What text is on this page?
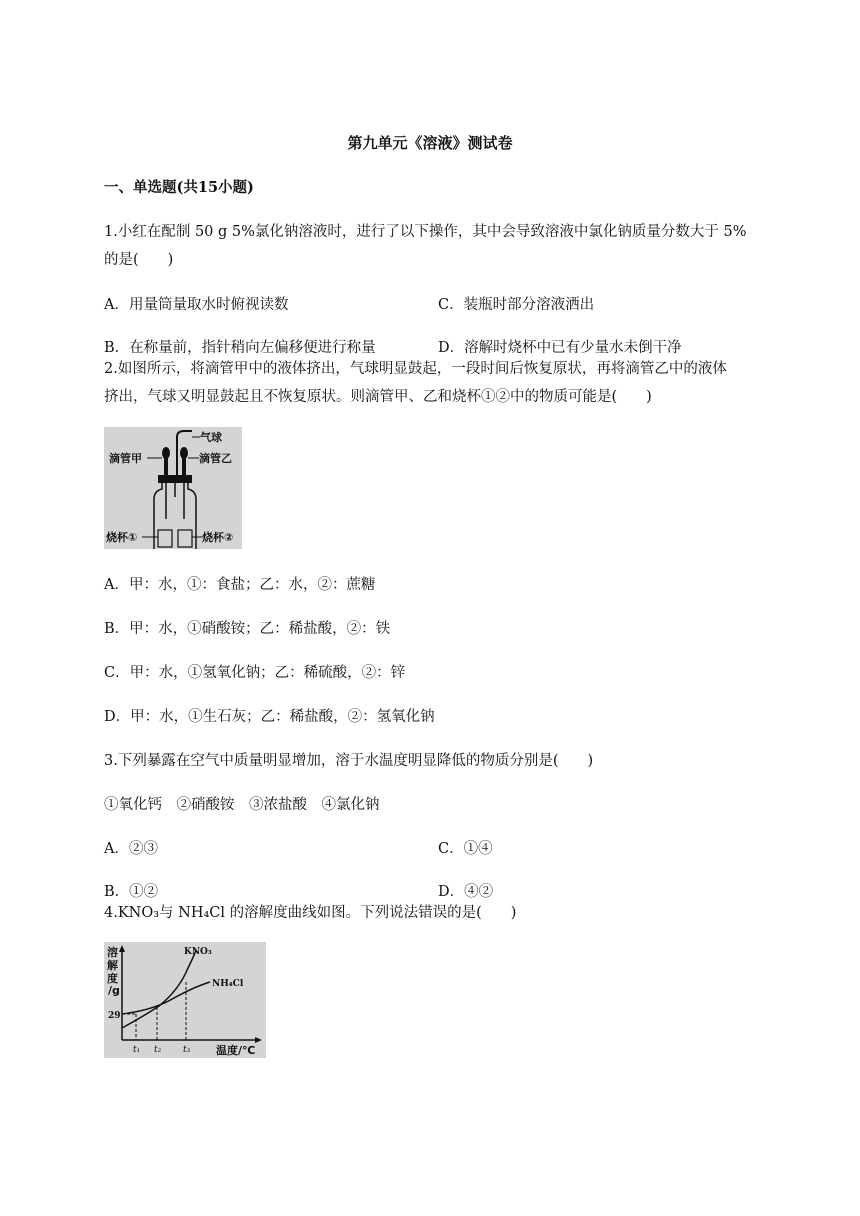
第九单元《溶液》测试卷
一、单选题(共15小题)
1.小红在配制 50 g 5%氯化钠溶液时，进行了以下操作，其中会导致溶液中氯化钠质量分数大于 5%
的是(　　)
A．用量筒量取水时俯视读数	C．装瓶时部分溶液洒出
B．在称量前，指针稍向左偏移便进行称量	D．溶解时烧杯中已有少量水未倒干净
2.如图所示，将滴管甲中的液体挤出，气球明显鼓起，一段时间后恢复原状，再将滴管乙中的液体
挤出，气球又明显鼓起且不恢复原状。则滴管甲、乙和烧杯①②中的物质可能是(　　)
气球
滴管甲	滴管乙
烧杯①	烧杯②
A．甲：水，①：食盐；乙：水，②：蔗糖
B．甲：水，①硝酸铵；乙：稀盐酸，②：铁
C．甲：水，①氢氧化钠；乙：稀硫酸，②：锌
D．甲：水，①生石灰；乙：稀盐酸，②：氢氧化钠
3.下列暴露在空气中质量明显增加，溶于水温度明显降低的物质分别是(　　)
①氧化钙　②硝酸铵　③浓盐酸　④氯化钠
A．②③	C．①④
B．①②	D．④②
4.KNO₃与 NH₄Cl 的溶解度曲线如图。下列说法错误的是(　　)
溶
解
度
/g
KNO₃
NH₄Cl
29
t₁ t₂ t₃ 温度/℃
